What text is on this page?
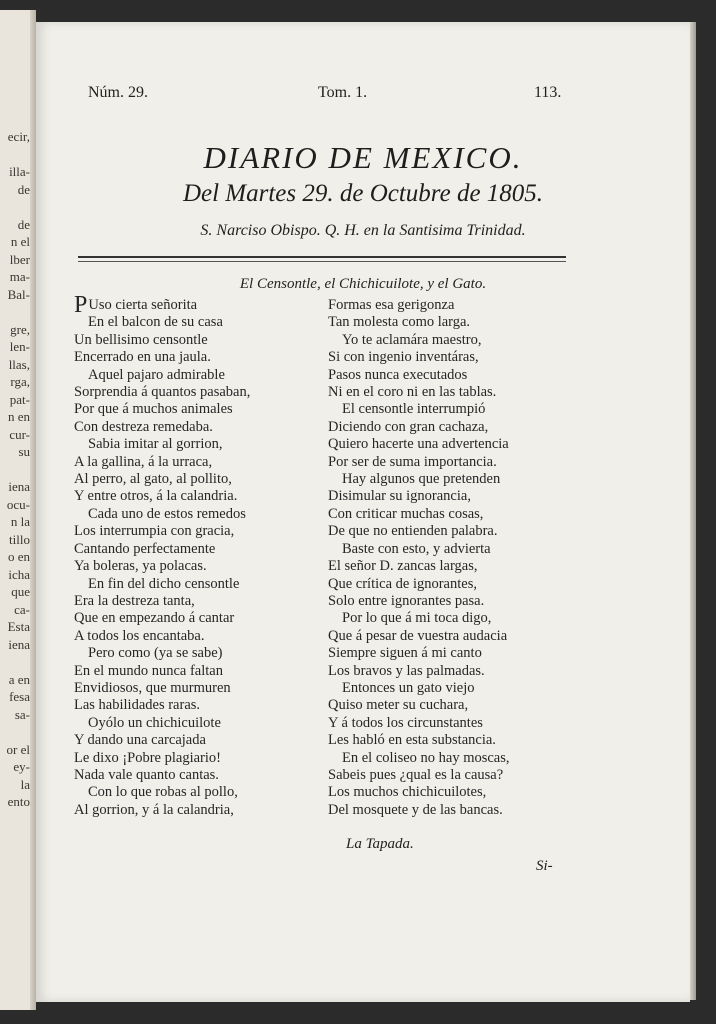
ecir,
illa-
de
de
n el
lber
ma-
Bal-
gre,
len-
llas,
rga,
pat-
n en
cur-
su
iena
ocu-
n la
tillo
o en
icha
que
ca-
Esta
iena
a en
fesa
sa-
or el
ey-
la
ento
Núm. 29.	Tom. 1.	113.
DIARIO DE MEXICO.
Del Martes 29. de Octubre de 1805.
S. Narciso Obispo. Q. H. en la Santisima Trinidad.
El Censontle, el Chichicuilote, y el Gato.
P Uso cierta señorita
En el balcon de su casa
Un bellisimo censontle
Encerrado en una jaula.
Aquel pajaro admirable
Sorprendia á quantos pasaban,
Por que á muchos animales
Con destreza remedaba.
Sabia imitar al gorrion,
A la gallina, á la urraca,
Al perro, al gato, al pollito,
Y entre otros, á la calandria.
Cada uno de estos remedos
Los interrumpia con gracia,
Cantando perfectamente
Ya boleras, ya polacas.
En fin del dicho censontle
Era la destreza tanta,
Que en empezando á cantar
A todos los encantaba.
Pero como (ya se sabe)
En el mundo nunca faltan
Envidiosos, que murmuren
Las habilidades raras.
Oyólo un chichicuilote
Y dando una carcajada
Le dixo ¡Pobre plagiario!
Nada vale quanto cantas.
Con lo que robas al pollo,
Al gorrion, y á la calandria,
Formas esa gerigonza
Tan molesta como larga.
Yo te aclamára maestro,
Si con ingenio inventáras,
Pasos nunca executados
Ni en el coro ni en las tablas.
El censontle interrumpió
Diciendo con gran cachaza,
Quiero hacerte una advertencia
Por ser de suma importancia.
Hay algunos que pretenden
Disimular su ignorancia,
Con criticar muchas cosas,
De que no entienden palabra.
Baste con esto, y advierta
El señor D. zancas largas,
Que crítica de ignorantes,
Solo entre ignorantes pasa.
Por lo que á mi toca digo,
Que á pesar de vuestra audacia
Siempre siguen á mi canto
Los bravos y las palmadas.
Entonces un gato viejo
Quiso meter su cuchara,
Y á todos los circunstantes
Les habló en esta substancia.
En el coliseo no hay moscas,
Sabeis pues ¿qual es la causa?
Los muchos chichicuilotes,
Del mosquete y de las bancas.
La Tapada.
Si-
